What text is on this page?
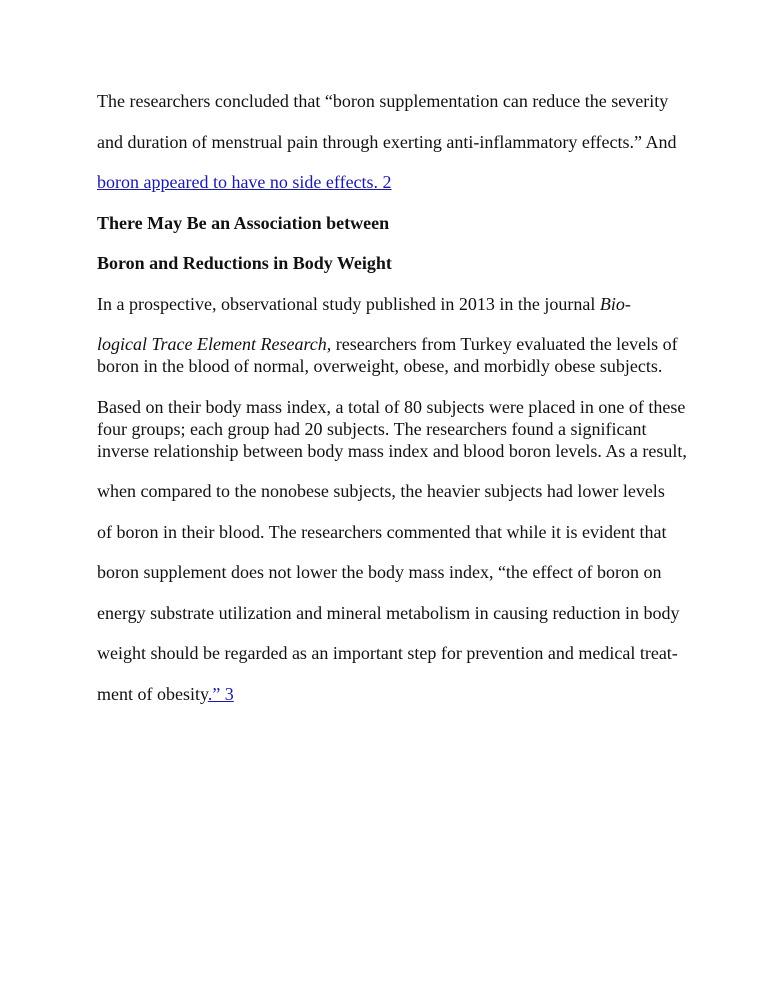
The researchers concluded that “boron supplementation can reduce the severity

and duration of menstrual pain through exerting anti-inflammatory effects.” And

boron appeared to have no side effects. 2

There May Be an Association between

Boron and Reductions in Body Weight

In a prospective, observational study published in 2013 in the journal Bio-

logical Trace Element Research, researchers from Turkey evaluated the levels of boron in the blood of normal, overweight, obese, and morbidly obese subjects.

Based on their body mass index, a total of 80 subjects were placed in one of these four groups; each group had 20 subjects. The researchers found a significant inverse relationship between body mass index and blood boron levels. As a result,

when compared to the nonobese subjects, the heavier subjects had lower levels

of boron in their blood. The researchers commented that while it is evident that

boron supplement does not lower the body mass index, “the effect of boron on

energy substrate utilization and mineral metabolism in causing reduction in body

weight should be regarded as an important step for prevention and medical treat-

ment of obesity.” 3
